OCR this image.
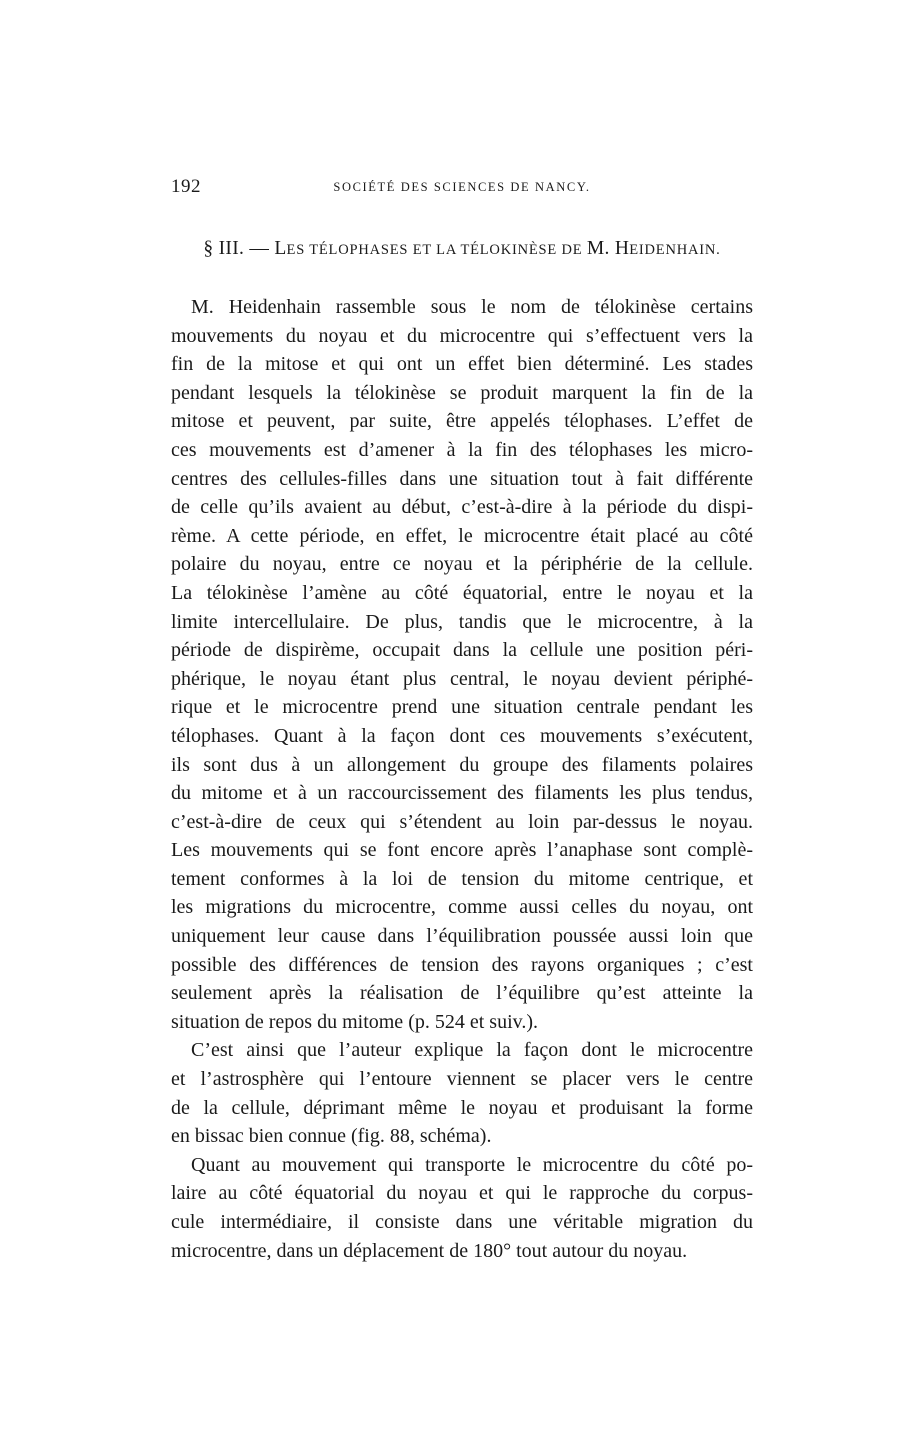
192	SOCIÉTÉ DES SCIENCES DE NANCY.
§ III. — LES TÉLOPHASES ET LA TÉLOKINÈSE DE M. HEIDENHAIN.

M. Heidenhain rassemble sous le nom de télokinèse certains

mouvements du noyau et du microcentre qui s’effectuent vers la

fin de la mitose et qui ont un effet bien déterminé. Les stades

pendant lesquels la télokinèse se produit marquent la fin de la

mitose et peuvent, par suite, être appelés télophases. L’effet de

ces mouvements est d’amener à la fin des télophases les micro-

centres des cellules-filles dans une situation tout à fait différente

de celle qu’ils avaient au début, c’est-à-dire à la période du dispi-

rème. A cette période, en effet, le microcentre était placé au côté

polaire du noyau, entre ce noyau et la périphérie de la cellule.

La télokinèse l’amène au côté équatorial, entre le noyau et la

limite intercellulaire. De plus, tandis que le microcentre, à la

période de dispirème, occupait dans la cellule une position péri-

phérique, le noyau étant plus central, le noyau devient périphé-

rique et le microcentre prend une situation centrale pendant les

télophases. Quant à la façon dont ces mouvements s’exécutent,

ils sont dus à un allongement du groupe des filaments polaires

du mitome et à un raccourcissement des filaments les plus tendus,

c’est-à-dire de ceux qui s’étendent au loin par-dessus le noyau.

Les mouvements qui se font encore après l’anaphase sont complè-

tement conformes à la loi de tension du mitome centrique, et

les migrations du microcentre, comme aussi celles du noyau, ont

uniquement leur cause dans l’équilibration poussée aussi loin que

possible des différences de tension des rayons organiques ; c’est

seulement après la réalisation de l’équilibre qu’est atteinte la

situation de repos du mitome (p. 524 et suiv.).

C’est ainsi que l’auteur explique la façon dont le microcentre

et l’astrosphère qui l’entoure viennent se placer vers le centre

de la cellule, déprimant même le noyau et produisant la forme

en bissac bien connue (fig. 88, schéma).

Quant au mouvement qui transporte le microcentre du côté po-

laire au côté équatorial du noyau et qui le rapproche du corpus-

cule intermédiaire, il consiste dans une véritable migration du

microcentre, dans un déplacement de 180° tout autour du noyau.
